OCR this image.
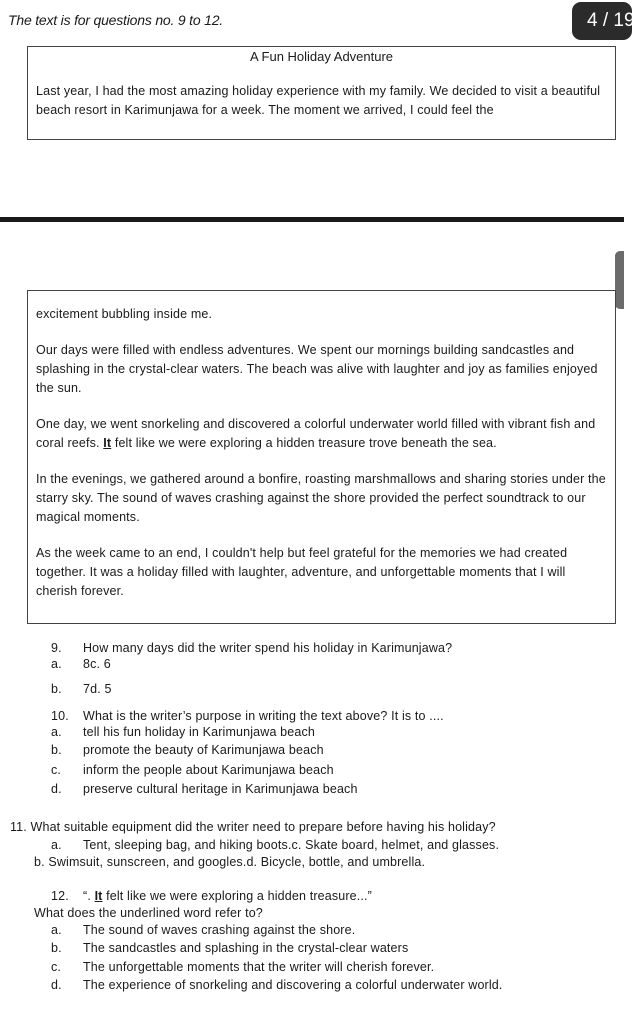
The text is for questions no. 9 to 12.	4 / 19
A Fun Holiday Adventure

Last year, I had the most amazing holiday experience with my family. We decided to visit a beautiful beach resort in Karimunjawa for a week. The moment we arrived, I could feel the

excitement bubbling inside me.

Our days were filled with endless adventures. We spent our mornings building sandcastles and splashing in the crystal-clear waters. The beach was alive with laughter and joy as families enjoyed the sun.

One day, we went snorkeling and discovered a colorful underwater world filled with vibrant fish and coral reefs. It felt like we were exploring a hidden treasure trove beneath the sea.

In the evenings, we gathered around a bonfire, roasting marshmallows and sharing stories under the starry sky. The sound of waves crashing against the shore provided the perfect soundtrack to our magical moments.

As the week came to an end, I couldn't help but feel grateful for the memories we had created together. It was a holiday filled with laughter, adventure, and unforgettable moments that I will cherish forever.

9. How many days did the writer spend his holiday in Karimunjawa?
a. 8c. 6
b. 7d. 5
10. What is the writer’s purpose in writing the text above? It is to ....
a. tell his fun holiday in Karimunjawa beach
b. promote the beauty of Karimunjawa beach
c. inform the people about Karimunjawa beach
d. preserve cultural heritage in Karimunjawa beach
11. What suitable equipment did the writer need to prepare before having his holiday?
a. Tent, sleeping bag, and hiking boots.c. Skate board, helmet, and glasses.
b. Swimsuit, sunscreen, and googles.d. Bicycle, bottle, and umbrella.
12. “. It felt like we were exploring a hidden treasure...”
What does the underlined word refer to?
a. The sound of waves crashing against the shore.
b. The sandcastles and splashing in the crystal-clear waters
c. The unforgettable moments that the writer will cherish forever.
d. The experience of snorkeling and discovering a colorful underwater world.
